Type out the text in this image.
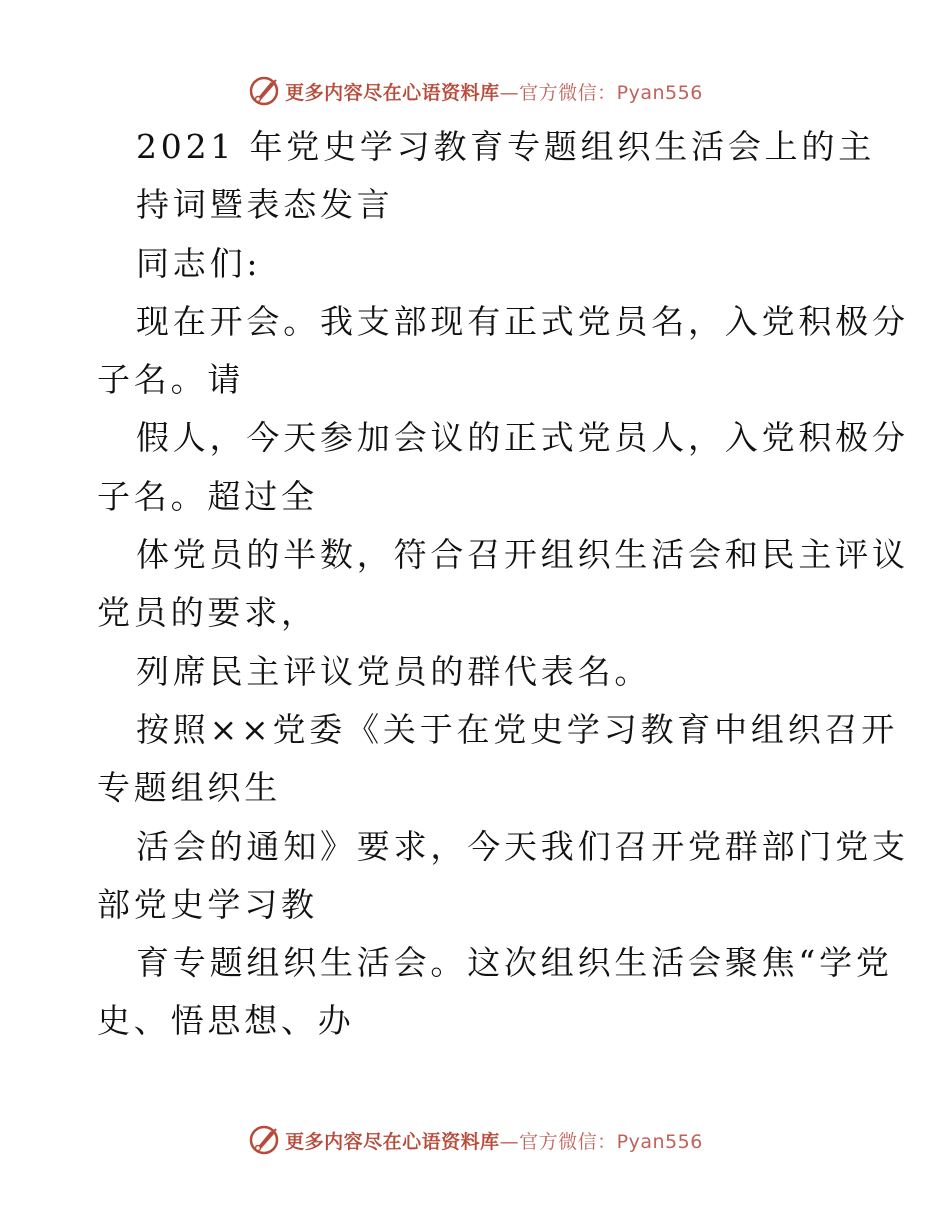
更多内容尽在心语资料库 —官方微信：Pyan556
2021 年党史学习教育专题组织生活会上的主
持词暨表态发言
同志们:
现在开会。我支部现有正式党员名，入党积极分
子名。请
假人，今天参加会议的正式党员人，入党积极分
子名。超过全
体党员的半数，符合召开组织生活会和民主评议
党员的要求，
列席民主评议党员的群代表名。
按照××党委《关于在党史学习教育中组织召开
专题组织生
活会的通知》要求，今天我们召开党群部门党支
部党史学习教
育专题组织生活会。这次组织生活会聚焦“学党
史、悟思想、办
更多内容尽在心语资料库 —官方微信：Pyan556
